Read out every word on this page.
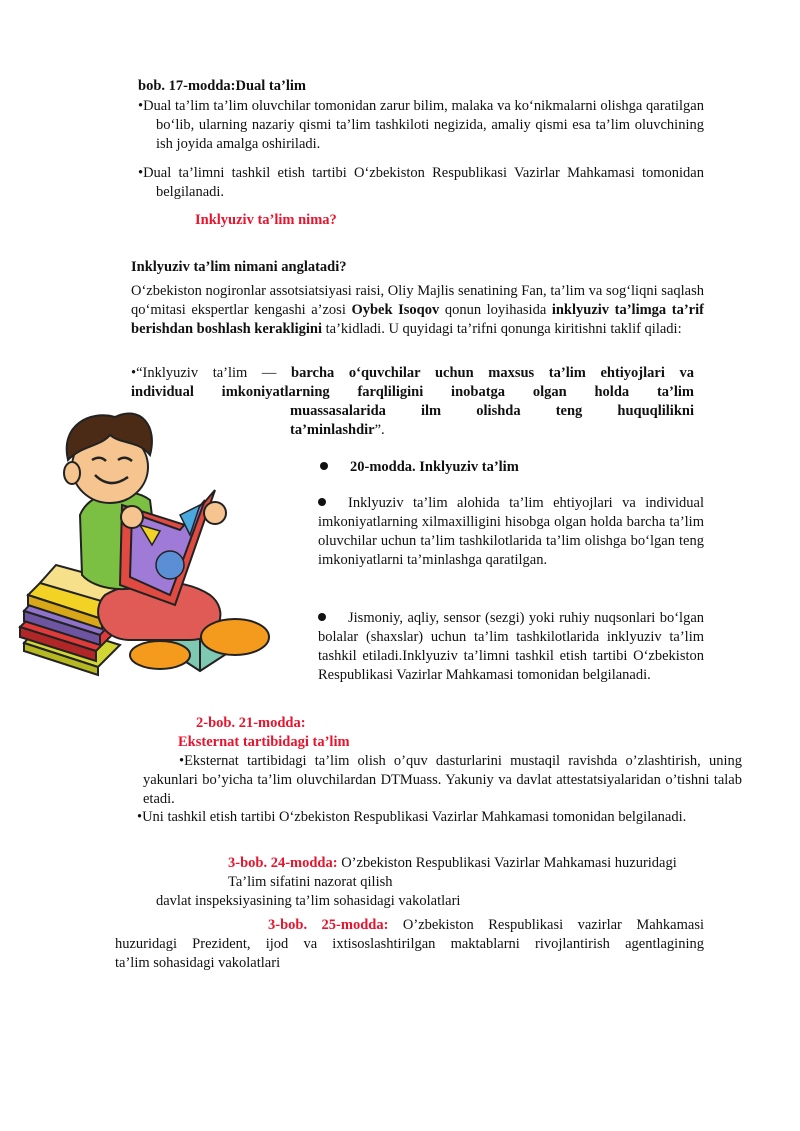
bob. 17-modda:Dual ta’lim
•Dual ta’lim ta’lim oluvchilar tomonidan zarur bilim, malaka va ko‘nikmalarni olishga qaratilgan bo‘lib, ularning nazariy qismi ta’lim tashkiloti negizida, amaliy qismi esa ta’lim oluvchining ish joyida amalga oshiriladi.
•Dual ta’limni tashkil etish tartibi O‘zbekiston Respublikasi Vazirlar Mahkamasi tomonidan belgilanadi.
Inklyuziv ta’lim nima?
Inklyuziv ta’lim nimani anglatadi?
O‘zbekiston nogironlar assotsiatsiyasi raisi, Oliy Majlis senatining Fan, ta’lim va sog‘liqni saqlash qo‘mitasi ekspertlar kengashi a’zosi Oybek Isoqov qonun loyihasida inklyuziv ta’limga ta’rif berishdan boshlash kerakligini ta’kidladi. U quyidagi ta’rifni qonunga kiritishni taklif qiladi:
•“Inklyuziv ta’lim — barcha o‘quvchilar uchun maxsus ta’lim ehtiyojlari va
individual imkoniyatlarning farqliligini inobatga olgan holda ta’lim
muassasalarida ilm olishda teng huquqlilikni
ta’minlashdir”.
20-modda. Inklyuziv ta’lim
Inklyuziv ta’lim alohida ta’lim ehtiyojlari va individual imkoniyatlarning xilmaxilligini hisobga olgan holda barcha ta’lim oluvchilar uchun ta’lim tashkilotlarida ta’lim olishga bo‘lgan teng imkoniyatlarni ta’minlashga qaratilgan.
Jismoniy, aqliy, sensor (sezgi) yoki ruhiy nuqsonlari bo‘lgan bolalar (shaxslar) uchun ta’lim tashkilotlarida inklyuziv ta’lim tashkil etiladi.Inklyuziv ta’limni tashkil etish tartibi O‘zbekiston Respublikasi Vazirlar Mahkamasi tomonidan belgilanadi.
2-bob. 21-modda:
Eksternat tartibidagi ta’lim
•Eksternat tartibidagi ta’lim olish o’quv dasturlarini mustaqil ravishda o’zlashtirish, uning yakunlari bo’yicha ta’lim oluvchilardan DTMuass. Yakuniy va davlat attestatsiyalaridan o’tishni talab etadi.
•Uni tashkil etish tartibi O‘zbekiston Respublikasi Vazirlar Mahkamasi tomonidan belgilanadi.
3-bob. 24-modda: O’zbekiston Respublikasi Vazirlar Mahkamasi huzuridagi
Ta’lim sifatini nazorat qilish
davlat inspeksiyasining ta’lim sohasidagi vakolatlari
3-bob. 25-modda: O’zbekiston Respublikasi vazirlar Mahkamasi
huzuridagi Prezident, ijod va ixtisoslashtirilgan maktablarni rivojlantirish agentlagining
ta’lim sohasidagi vakolatlari
